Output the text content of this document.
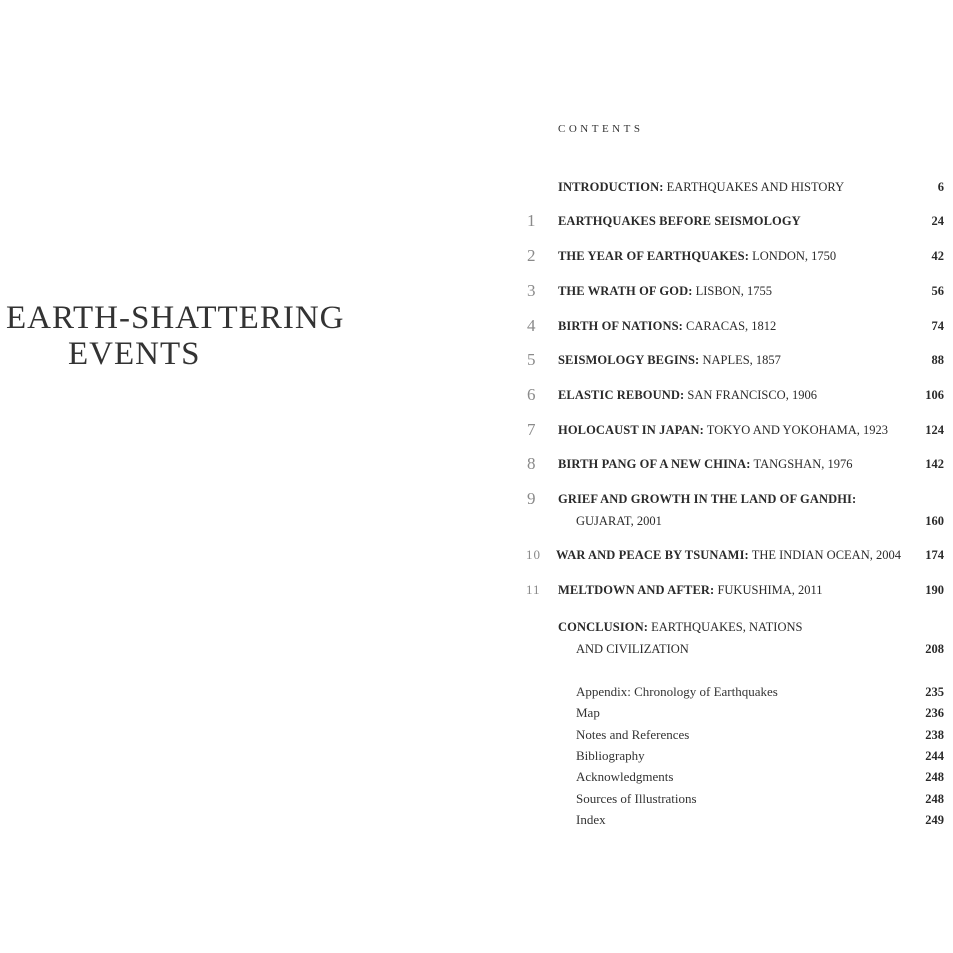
EARTH-SHATTERING
EVENTS
CONTENTS
INTRODUCTION: EARTHQUAKES AND HISTORY	6
1 EARTHQUAKES BEFORE SEISMOLOGY	24
2 THE YEAR OF EARTHQUAKES: LONDON, 1750	42
3 THE WRATH OF GOD: LISBON, 1755	56
4 BIRTH OF NATIONS: CARACAS, 1812	74
5 SEISMOLOGY BEGINS: NAPLES, 1857	88
6 ELASTIC REBOUND: SAN FRANCISCO, 1906	106
7 HOLOCAUST IN JAPAN: TOKYO AND YOKOHAMA, 1923	124
8 BIRTH PANG OF A NEW CHINA: TANGSHAN, 1976	142
9 GRIEF AND GROWTH IN THE LAND OF GANDHI:
GUJARAT, 2001	160
10 WAR AND PEACE BY TSUNAMI: THE INDIAN OCEAN, 2004 174
11 MELTDOWN AND AFTER: FUKUSHIMA, 2011	190
CONCLUSION: EARTHQUAKES, NATIONS
AND CIVILIZATION	208
Appendix: Chronology of Earthquakes	235
Map	236
Notes and References	238
Bibliography	244
Acknowledgments	248
Sources of Illustrations	248
Index	249
